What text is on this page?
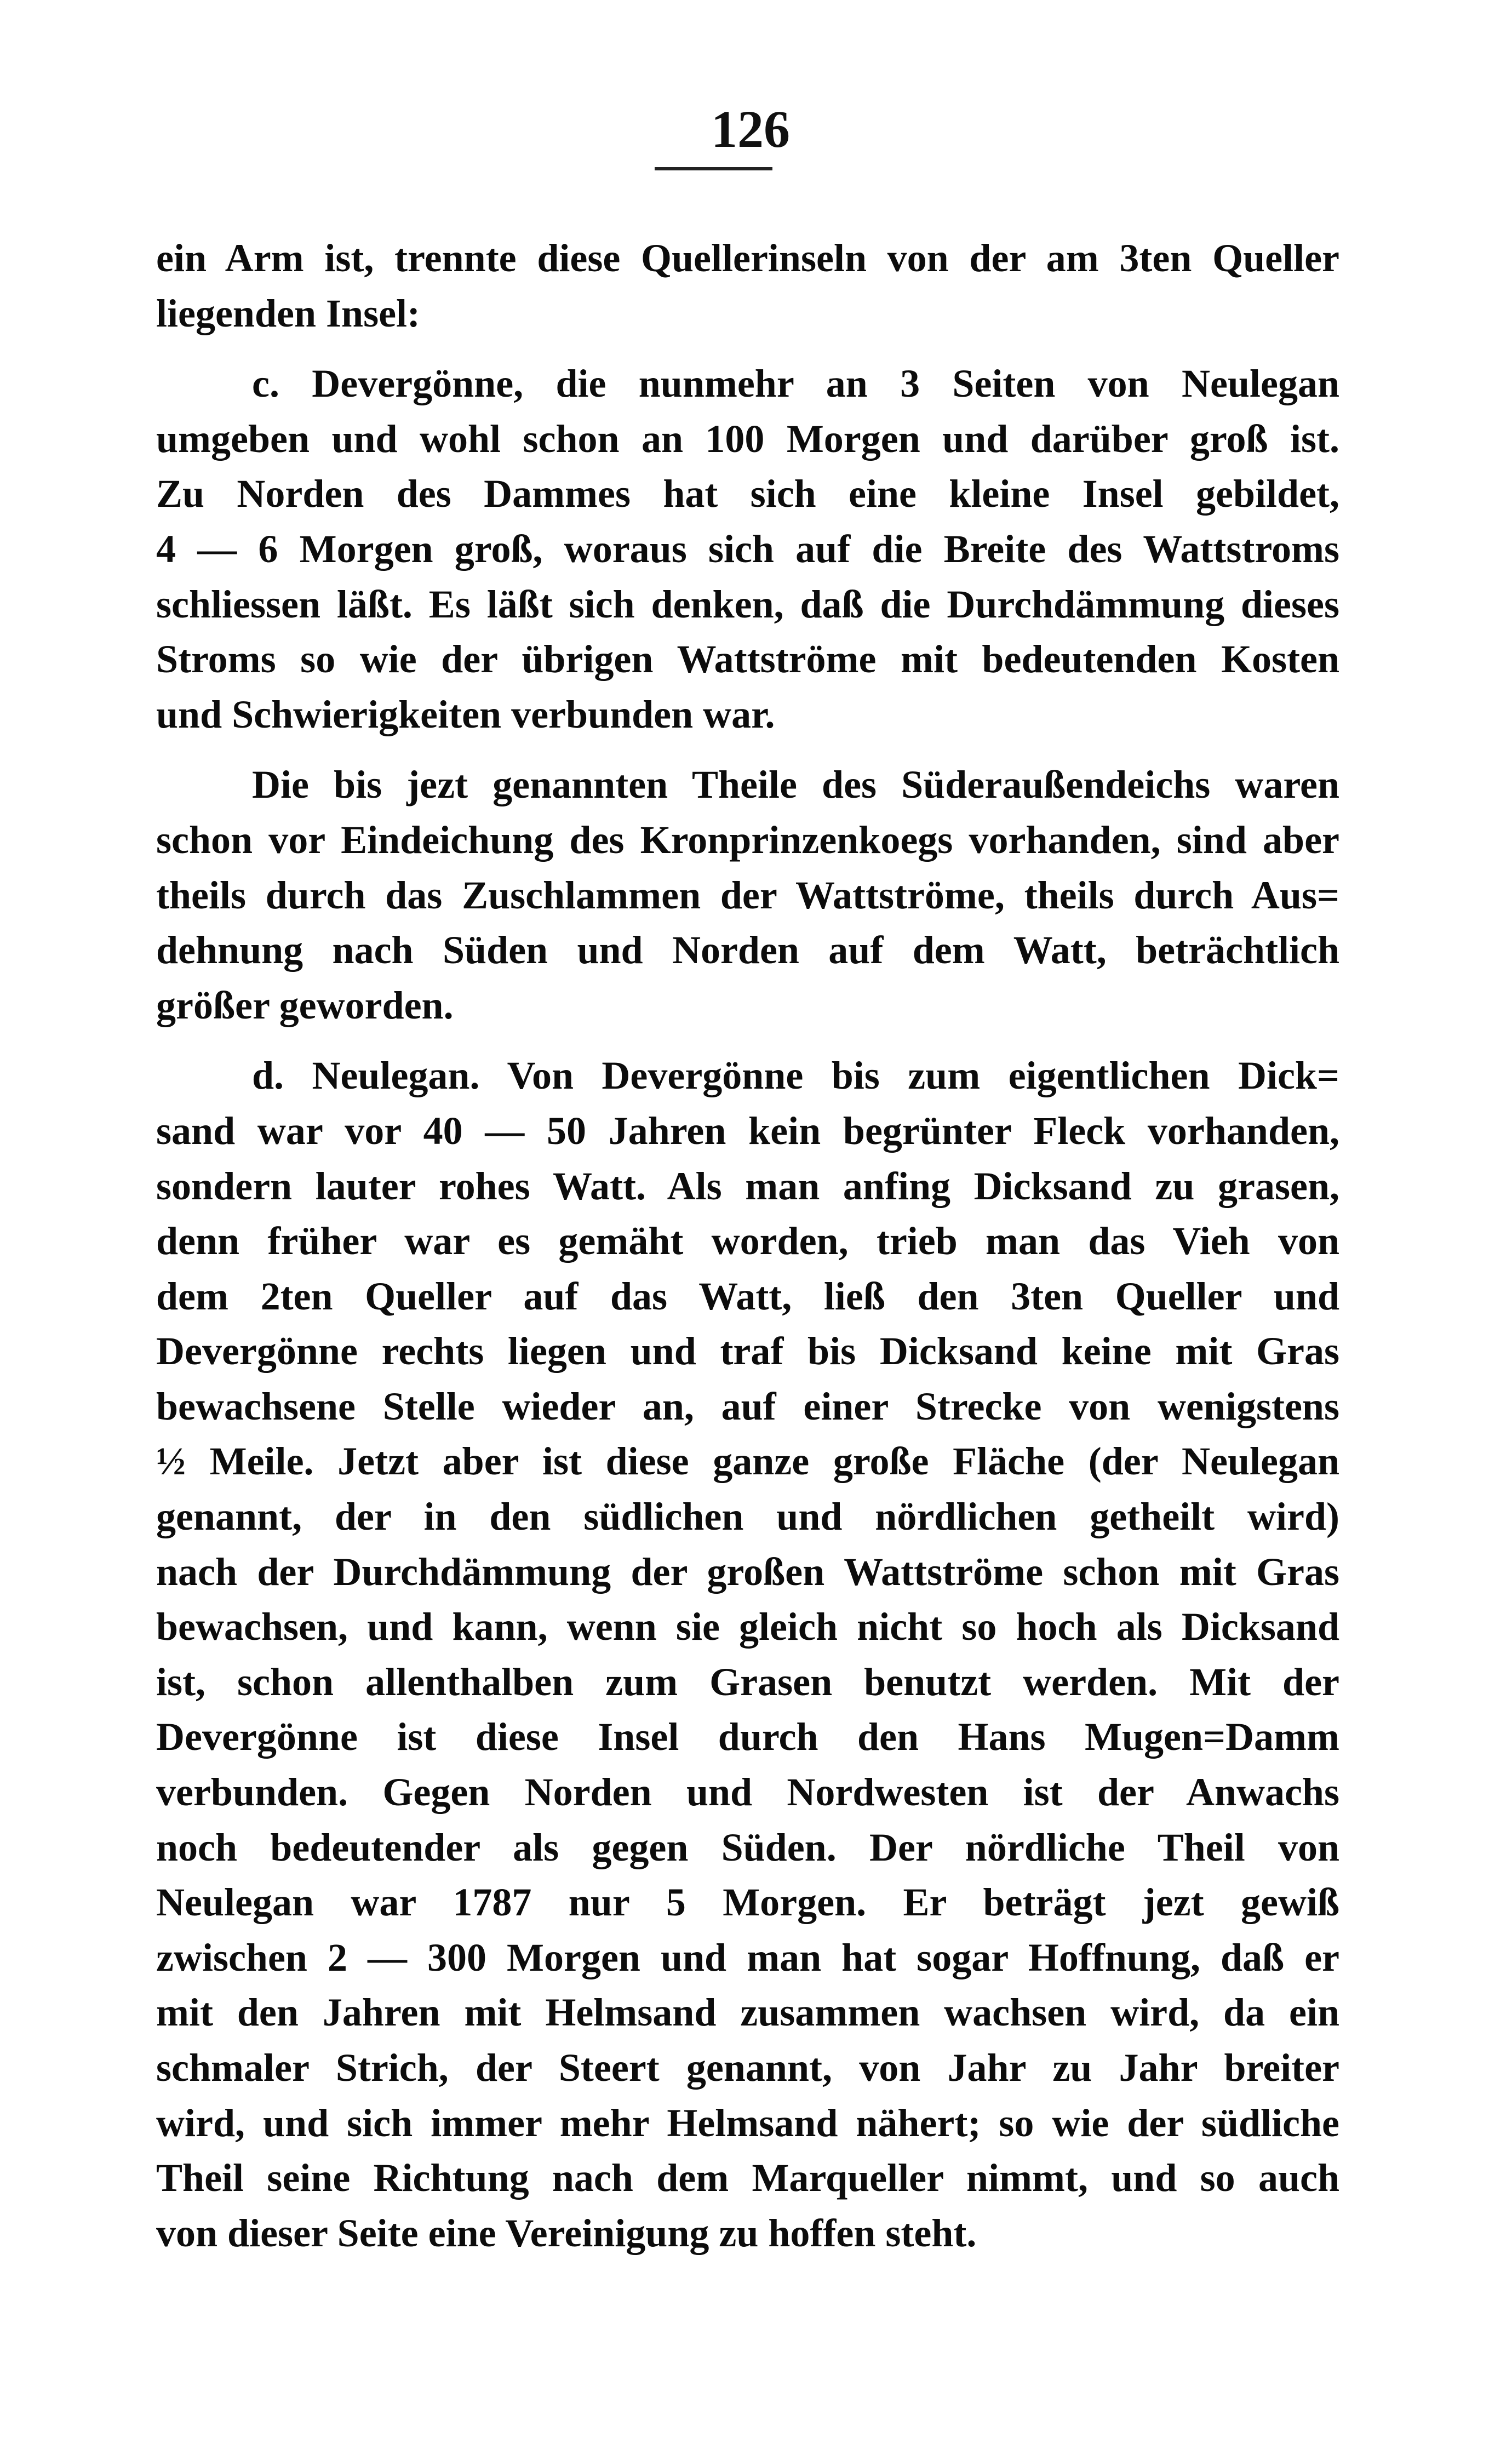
126
ein Arm ist, trennte diese Quellerinseln von der am 3ten Queller
liegenden Insel:
c. Devergönne, die nunmehr an 3 Seiten von Neulegan
umgeben und wohl schon an 100 Morgen und darüber groß ist.
Zu Norden des Dammes hat sich eine kleine Insel gebildet,
4 — 6 Morgen groß, woraus sich auf die Breite des Wattstroms
schliessen läßt. Es läßt sich denken, daß die Durchdämmung dieses
Stroms so wie der übrigen Wattströme mit bedeutenden Kosten
und Schwierigkeiten verbunden war.
Die bis jezt genannten Theile des Süderaußendeichs waren
schon vor Eindeichung des Kronprinzenkoegs vorhanden, sind aber
theils durch das Zuschlammen der Wattströme, theils durch Aus=
dehnung nach Süden und Norden auf dem Watt, beträchtlich
größer geworden.
d. Neulegan. Von Devergönne bis zum eigentlichen Dick=
sand war vor 40 — 50 Jahren kein begrünter Fleck vorhanden,
sondern lauter rohes Watt. Als man anfing Dicksand zu grasen,
denn früher war es gemäht worden, trieb man das Vieh von
dem 2ten Queller auf das Watt, ließ den 3ten Queller und
Devergönne rechts liegen und traf bis Dicksand keine mit Gras
bewachsene Stelle wieder an, auf einer Strecke von wenigstens
½ Meile. Jetzt aber ist diese ganze große Fläche (der Neulegan
genannt, der in den südlichen und nördlichen getheilt wird)
nach der Durchdämmung der großen Wattströme schon mit Gras
bewachsen, und kann, wenn sie gleich nicht so hoch als Dicksand
ist, schon allenthalben zum Grasen benutzt werden. Mit der
Devergönne ist diese Insel durch den Hans Mugen=Damm
verbunden. Gegen Norden und Nordwesten ist der Anwachs
noch bedeutender als gegen Süden. Der nördliche Theil von
Neulegan war 1787 nur 5 Morgen. Er beträgt jezt gewiß
zwischen 2 — 300 Morgen und man hat sogar Hoffnung, daß er
mit den Jahren mit Helmsand zusammen wachsen wird, da ein
schmaler Strich, der Steert genannt, von Jahr zu Jahr breiter
wird, und sich immer mehr Helmsand nähert; so wie der südliche
Theil seine Richtung nach dem Marqueller nimmt, und so auch
von dieser Seite eine Vereinigung zu hoffen steht.
